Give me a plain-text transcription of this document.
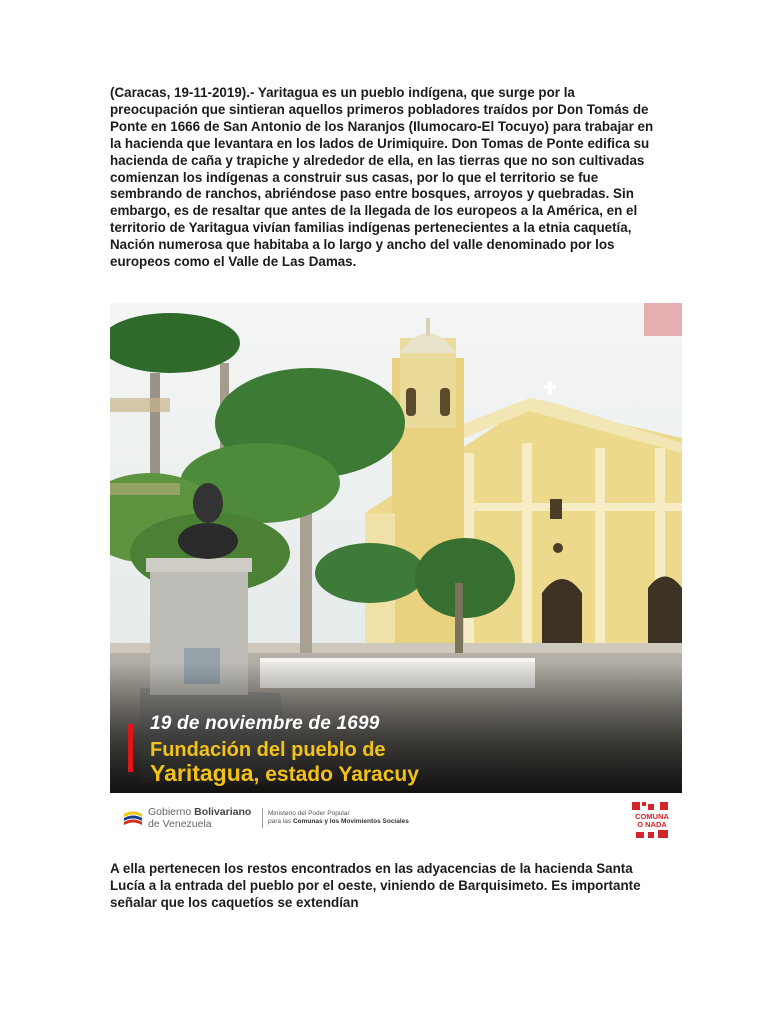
(Caracas, 19-11-2019).- Yaritagua es un pueblo indígena, que surge por la preocupación que sintieran aquellos primeros pobladores traídos por Don Tomás de Ponte en 1666 de San Antonio de los Naranjos (Ilumocaro-El Tocuyo) para trabajar en la hacienda que levantara en los lados de Urimiquire. Don Tomas de Ponte edifica su hacienda de caña y trapiche y alrededor de ella, en las tierras que no son cultivadas comienzan los indígenas a construir sus casas, por lo que el territorio se fue sembrando de ranchos, abriéndose paso entre bosques, arroyos y quebradas. Sin embargo, es de resaltar que antes de la llegada de los europeos a la América, en el territorio de Yaritagua vivían familias indígenas pertenecientes a la etnia caquetía, Nación numerosa que habitaba a lo largo y ancho del valle denominado por los europeos como el Valle de Las Damas.

19 de noviembre de 1699
Fundación del pueblo de
Yaritagua, estado Yaracuy
Gobierno Bolivariano
de Venezuela
Ministerio del Poder Popular
para las Comunas y los Movimientos Sociales
COMUNA
O NADA

A ella pertenecen los restos encontrados en las adyacencias de la hacienda Santa Lucía a la entrada del pueblo por el oeste, viniendo de Barquisimeto. Es importante señalar que los caquetíos se extendían
